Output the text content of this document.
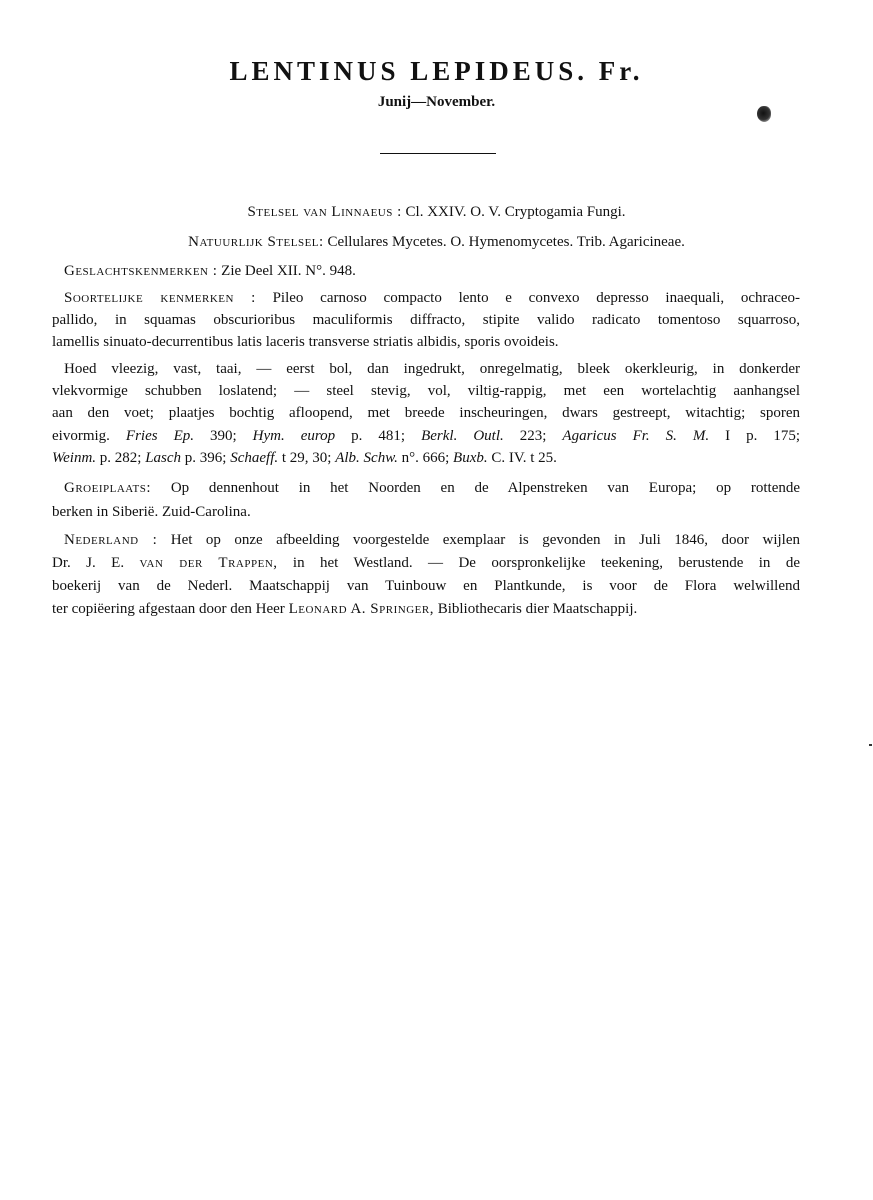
LENTINUS LEPIDEUS. Fr.
Junij—November.
Stelsel van Linnaeus : Cl. XXIV. O. V. Cryptogamia Fungi.
Natuurlijk Stelsel: Cellulares Mycetes. O. Hymenomycetes. Trib. Agaricineae.
Geslachtskenmerken : Zie Deel XII. N°. 948.
Soortelijke kenmerken : Pileo carnoso compacto lento e convexo depresso inaequali, ochraceo-
pallido, in squamas obscurioribus maculiformis diffracto, stipite valido radicato tomentoso squarroso,
lamellis sinuato-decurrentibus latis laceris transverse striatis albidis, sporis ovoideis.
Hoed vleezig, vast, taai, — eerst bol, dan ingedrukt, onregelmatig, bleek okerkleurig, in donkerder
vlekvormige schubben loslatend; — steel stevig, vol, viltig-rappig, met een wortelachtig aanhangsel
aan den voet; plaatjes bochtig afloopend, met breede inscheuringen, dwars gestreept, witachtig; sporen
eivormig. Fries Ep. 390; Hym. europ p. 481; Berkl. Outl. 223; Agaricus Fr. S. M. I p. 175;
Weinm. p. 282; Lasch p. 396; Schaeff. t 29, 30; Alb. Schw. n°. 666; Buxb. C. IV. t 25.
Groeiplaats: Op dennenhout in het Noorden en de Alpenstreken van Europa; op rottende
berken in Siberië. Zuid-Carolina.
Nederland : Het op onze afbeelding voorgestelde exemplaar is gevonden in Juli 1846, door wijlen
Dr. J. E. van der Trappen, in het Westland. — De oorspronkelijke teekening, berustende in de
boekerij van de Nederl. Maatschappij van Tuinbouw en Plantkunde, is voor de Flora welwillend
ter copiëering afgestaan door den Heer Leonard A. Springer, Bibliothecaris dier Maatschappij.
